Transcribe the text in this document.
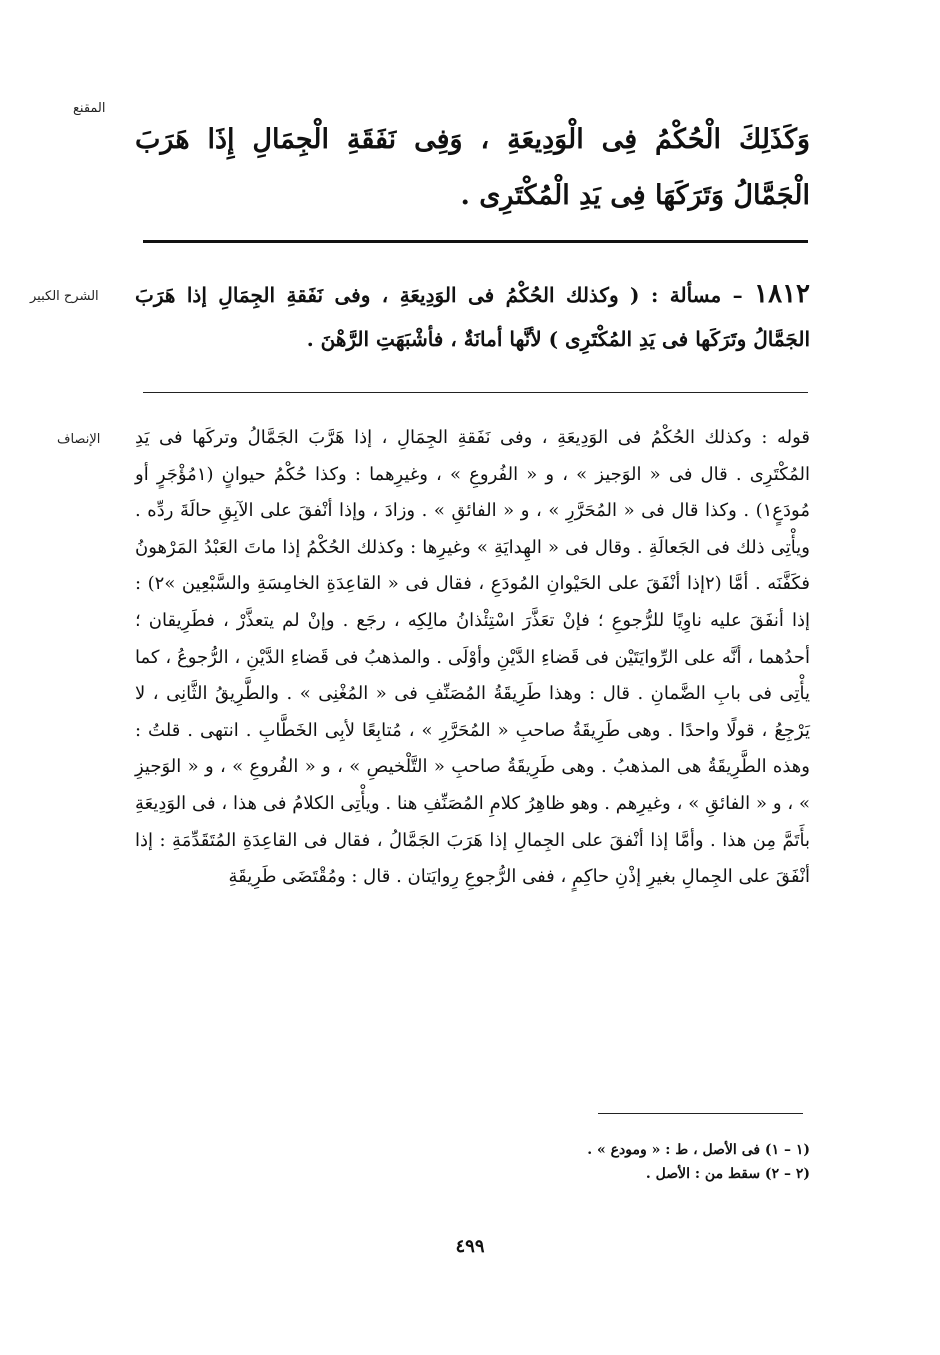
المقنع
وَكَذَلِكَ الْحُكْمُ فِى الْوَدِيعَةِ ، وَفِى نَفَقَةِ الْجِمَالِ إِذَا هَرَبَ الْجَمَّالُ وَتَرَكَهَا فِى يَدِ الْمُكْتَرِى .
الشرح الكبير	١٨١٢ – مسألة : ( وكذلك الحُكْمُ فى الوَدِيعَةِ ، وفى نَفَقةِ الجِمَالِ إذا هَرَبَ الجَمَّالُ وتَرَكَها فى يَدِ المُكْتَرِى ) لأنَّها أمانَةٌ ، فأشْبَهَتِ الرَّهْنَ .
الإنصاف قوله : وكذلك الحُكْمُ فى الوَدِيعَةِ ، وفى نَفَقةِ الجِمَالِ ، إذا هَرَّبَ الجَمَّالُ وتركَها فى يَدِ المُكْتَرِى . قال فى « الوَجيز » ، و « الفُروعِ » ، وغيرِهما : وكذا حُكْمُ حيوانٍ (١مُؤْجَرٍ أو مُودَعٍ١) . وكذا قال فى « المُحَرَّرِ » ، و « الفائقِ » . وزادَ ، وإذا أنْفقَ على الآبِقِ حالَةَ ردِّه . ويأْتِى ذلك فى الجَعالَةِ . وقال فى « الهِدايَةِ » وغيرِها : وكذلك الحُكْمُ إذا ماتَ العَبْدُ المَرْهونُ فكَفَّنَه . أمَّا (٢إذا أنْفَقَ على الحَيْوانِ المُودَعِ ، فقال فى « القاعِدَةِ الخامِسَةِ والسَّبْعِين »٢) : إذا أنفَقَ عليه ناوِيًا للرُّجوعِ ؛ فإنْ تعَذَّرَ اسْتِئْذانُ مالِكِه ، رجَع . وإنْ لم يتعذَّرْ ، فطَرِيقان ؛ أحدُهما ، أنَّه على الرِّوايَتَيْن فى قَضاءِ الدَّيْنِ وأوْلَى . والمذهبُ فى قَضاءِ الدَّيْنِ ، الرُّجوعُ ، كما يأْتِى فى بابِ الضَّمانِ . قال : وهذا طَرِيقَةُ المُصَنِّفِ فى « المُغْنِى » . والطَّرِيقُ الثَّانِى ، لا يَرْجِعُ ، قولًا واحدًا . وهى طَرِيقَةُ صاحبِ « المُحَرَّرِ » ، مُتابِعًا لأبِى الخَطَّابِ . انتهى . قلتُ : وهذه الطَّرِيقَةُ هى المذهبُ . وهى طَرِيقَةُ صاحبِ « التَّلْخيصِ » ، و « الفُروعِ » ، و « الوَجيزِ » ، و « الفائقِ » ، وغيرِهم . وهو ظاهِرُ كلامِ المُصَنِّفِ هنا . ويأْتِى الكلامُ فى هذا ، فى الوَدِيعَةِ بأَتَمَّ مِن هذا . وأمَّا إذا أنْفقَ على الجِمالِ إذا هَرَبَ الجَمَّالُ ، فقال فى القاعِدَةِ المُتَقَدِّمَةِ : إذا أنْفَقَ على الجِمالِ بغيرِ إذْنِ حاكِمٍ ، ففى الرُّجوعِ رِوايَتان . قال : ومُقْتَضَى طَرِيقَةِ

(١ – ١) فى الأصل ، ط : « ومودع » .
(٢ – ٢) سقط من : الأصل .
٤٩٩
